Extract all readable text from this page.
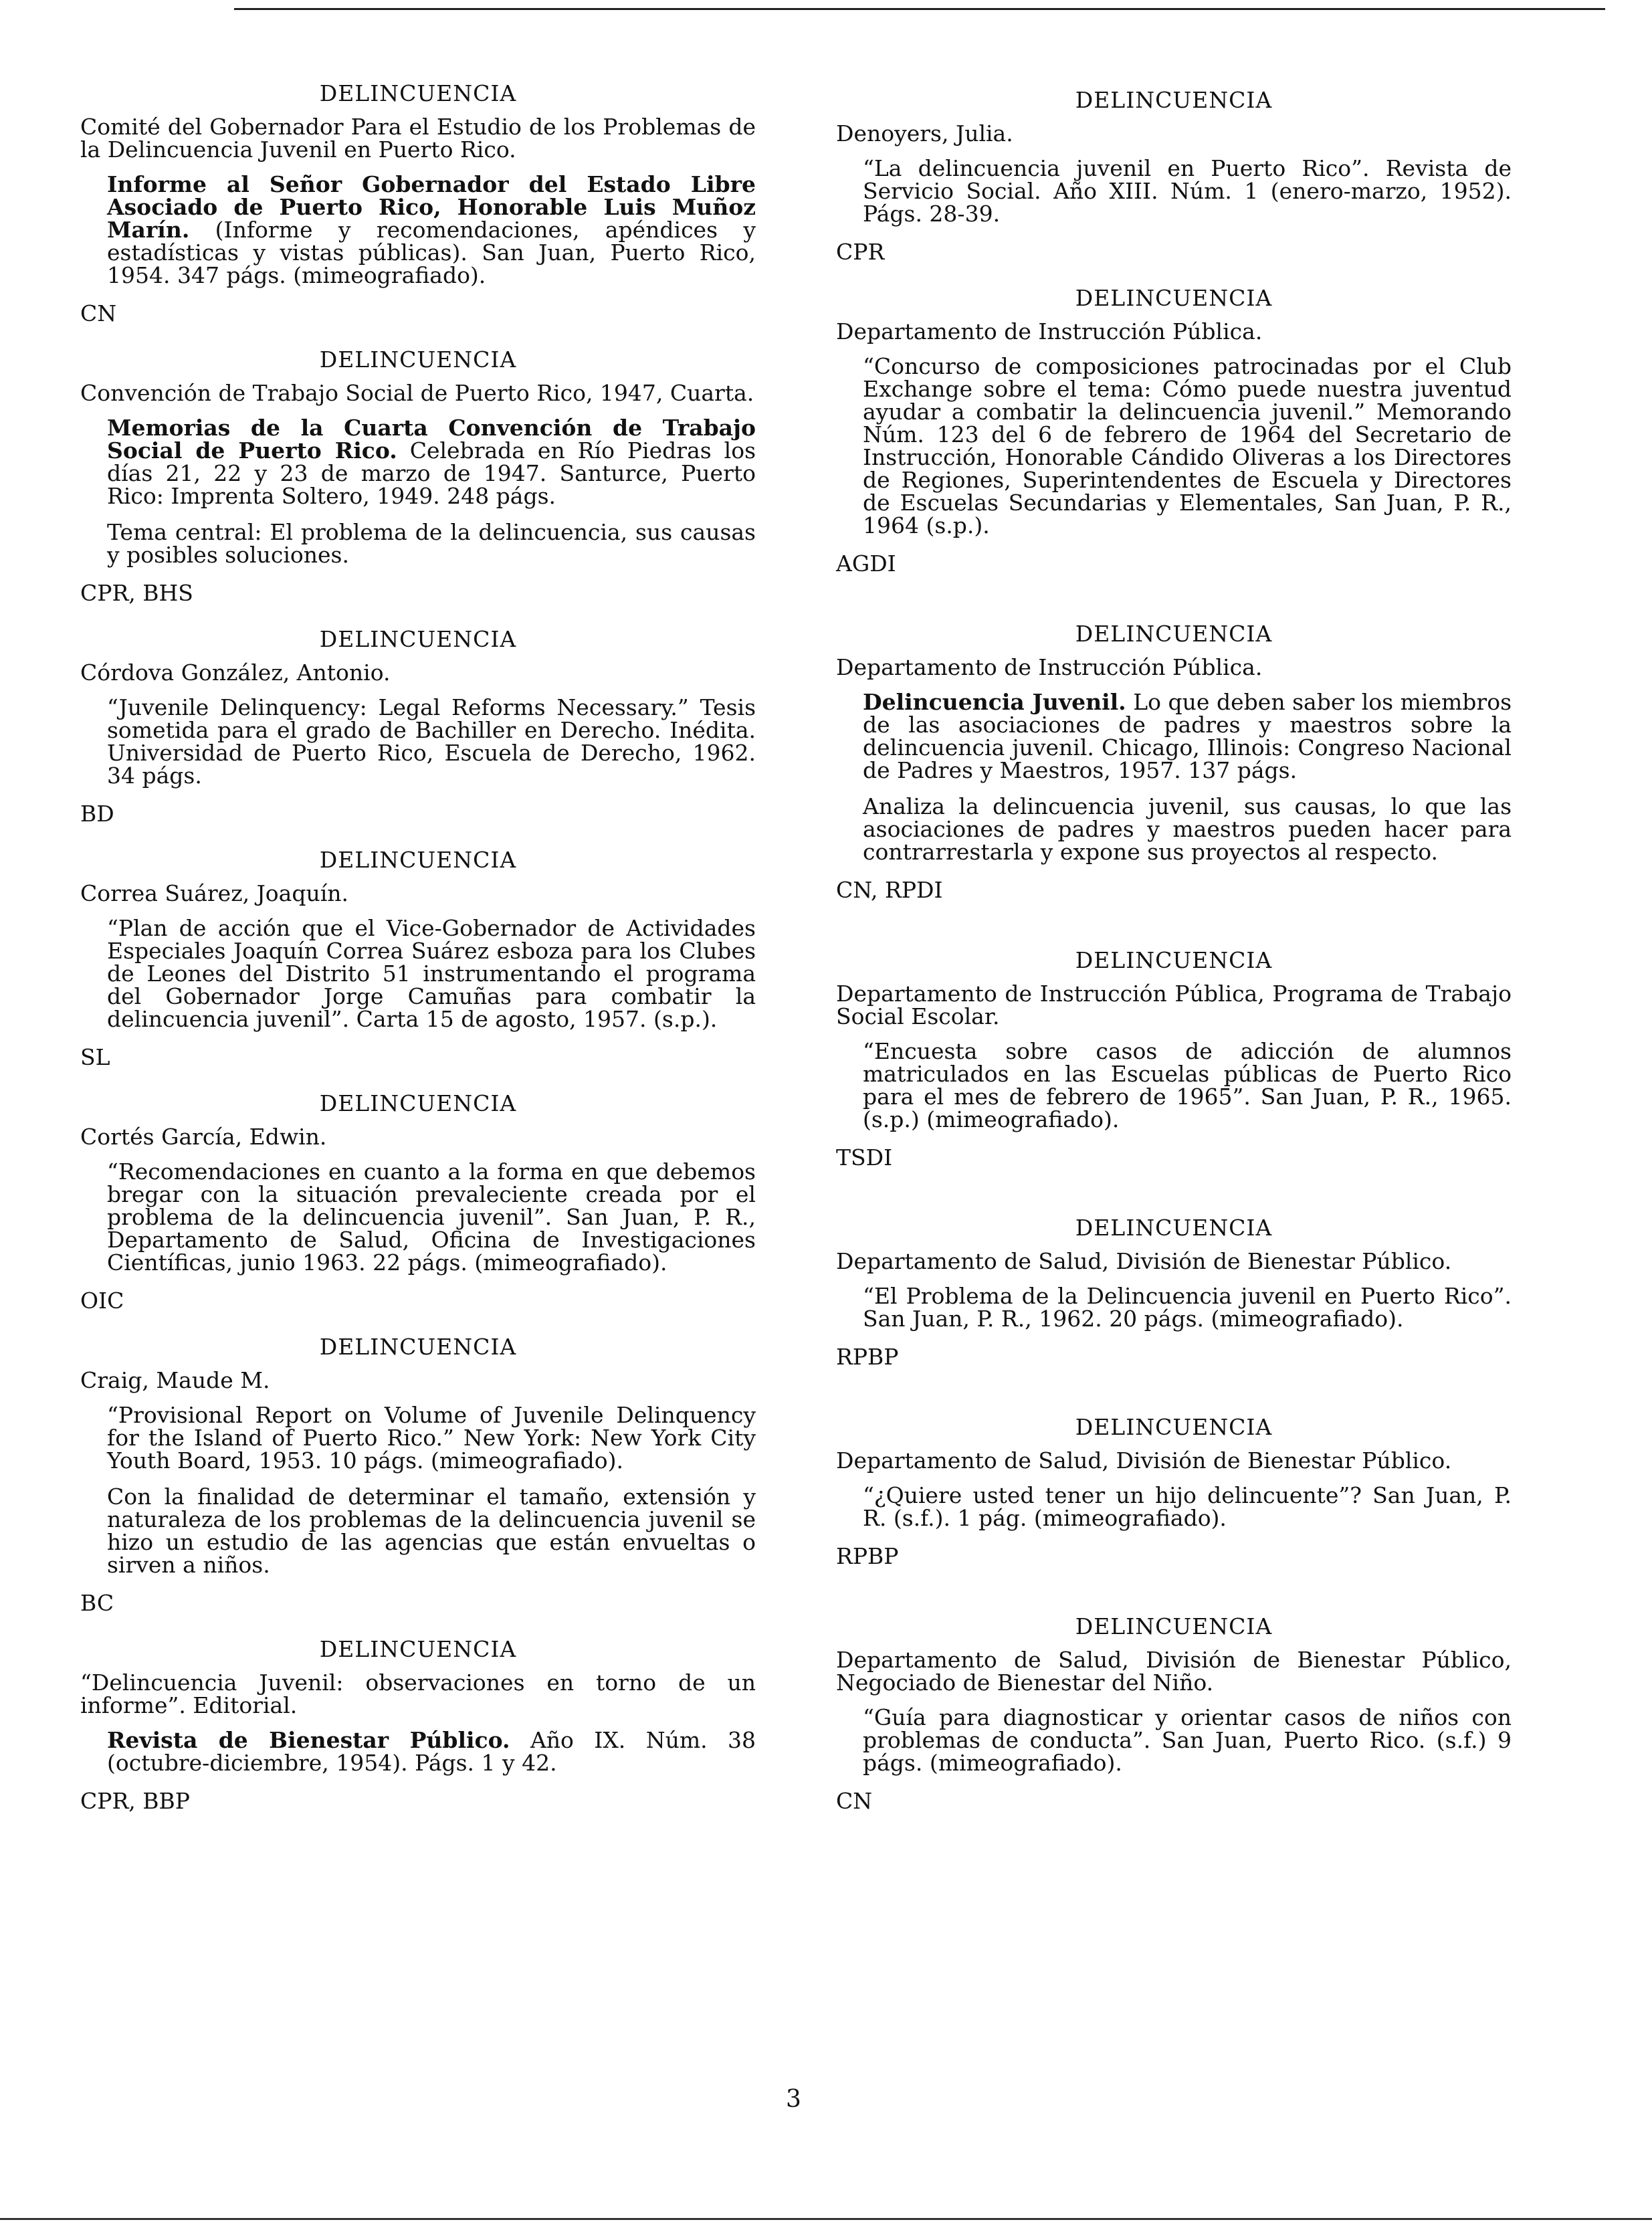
DELINCUENCIA
Comité del Gobernador Para el Estudio de los Problemas de la Delincuencia Juvenil en Puerto Rico.
Informe al Señor Gobernador del Estado Libre Asociado de Puerto Rico, Honorable Luis Muñoz Marín. (Informe y recomendaciones, apéndices y estadísticas y vistas públicas). San Juan, Puerto Rico, 1954. 347 págs. (mimeografiado).
CN
DELINCUENCIA
Convención de Trabajo Social de Puerto Rico, 1947, Cuarta.
Memorias de la Cuarta Convención de Trabajo Social de Puerto Rico. Celebrada en Río Piedras los días 21, 22 y 23 de marzo de 1947. Santurce, Puerto Rico: Imprenta Soltero, 1949. 248 págs.
Tema central: El problema de la delincuencia, sus causas y posibles soluciones.
CPR, BHS
DELINCUENCIA
Córdova González, Antonio.
“Juvenile Delinquency: Legal Reforms Necessary.” Tesis sometida para el grado de Bachiller en Derecho. Inédita. Universidad de Puerto Rico, Escuela de Derecho, 1962. 34 págs.
BD
DELINCUENCIA
Correa Suárez, Joaquín.
“Plan de acción que el Vice-Gobernador de Actividades Especiales Joaquín Correa Suárez esboza para los Clubes de Leones del Distrito 51 instrumentando el programa del Gobernador Jorge Camuñas para combatir la delincuencia juvenil”. Carta 15 de agosto, 1957. (s.p.).
SL
DELINCUENCIA
Cortés García, Edwin.
“Recomendaciones en cuanto a la forma en que debemos bregar con la situación prevaleciente creada por el problema de la delincuencia juvenil”. San Juan, P. R., Departamento de Salud, Oficina de Investigaciones Científicas, junio 1963. 22 págs. (mimeografiado).
OIC
DELINCUENCIA
Craig, Maude M.
“Provisional Report on Volume of Juvenile Delinquency for the Island of Puerto Rico.” New York: New York City Youth Board, 1953. 10 págs. (mimeografiado).
Con la finalidad de determinar el tamaño, extensión y naturaleza de los problemas de la delincuencia juvenil se hizo un estudio de las agencias que están envueltas o sirven a niños.
BC
DELINCUENCIA
“Delincuencia Juvenil: observaciones en torno de un informe”. Editorial.
Revista de Bienestar Público. Año IX. Núm. 38 (octubre-diciembre, 1954). Págs. 1 y 42.
CPR, BBP
DELINCUENCIA
Denoyers, Julia.
“La delincuencia juvenil en Puerto Rico”. Revista de Servicio Social. Año XIII. Núm. 1 (enero-marzo, 1952). Págs. 28-39.
CPR
DELINCUENCIA
Departamento de Instrucción Pública.
“Concurso de composiciones patrocinadas por el Club Exchange sobre el tema: Cómo puede nuestra juventud ayudar a combatir la delincuencia juvenil.” Memorando Núm. 123 del 6 de febrero de 1964 del Secretario de Instrucción, Honorable Cándido Oliveras a los Directores de Regiones, Superintendentes de Escuela y Directores de Escuelas Secundarias y Elementales, San Juan, P. R., 1964 (s.p.).
AGDI
DELINCUENCIA
Departamento de Instrucción Pública.
Delincuencia Juvenil. Lo que deben saber los miembros de las asociaciones de padres y maestros sobre la delincuencia juvenil. Chicago, Illinois: Congreso Nacional de Padres y Maestros, 1957. 137 págs.
Analiza la delincuencia juvenil, sus causas, lo que las asociaciones de padres y maestros pueden hacer para contrarrestarla y expone sus proyectos al respecto.
CN, RPDI
DELINCUENCIA
Departamento de Instrucción Pública, Programa de Trabajo Social Escolar.
“Encuesta sobre casos de adicción de alumnos matriculados en las Escuelas públicas de Puerto Rico para el mes de febrero de 1965”. San Juan, P. R., 1965. (s.p.) (mimeografiado).
TSDI
DELINCUENCIA
Departamento de Salud, División de Bienestar Público.
“El Problema de la Delincuencia juvenil en Puerto Rico”. San Juan, P. R., 1962. 20 págs. (mimeografiado).
RPBP
DELINCUENCIA
Departamento de Salud, División de Bienestar Público.
“¿Quiere usted tener un hijo delincuente”? San Juan, P. R. (s.f.). 1 pág. (mimeografiado).
RPBP
DELINCUENCIA
Departamento de Salud, División de Bienestar Público, Negociado de Bienestar del Niño.
“Guía para diagnosticar y orientar casos de niños con problemas de conducta”. San Juan, Puerto Rico. (s.f.) 9 págs. (mimeografiado).
CN
3
